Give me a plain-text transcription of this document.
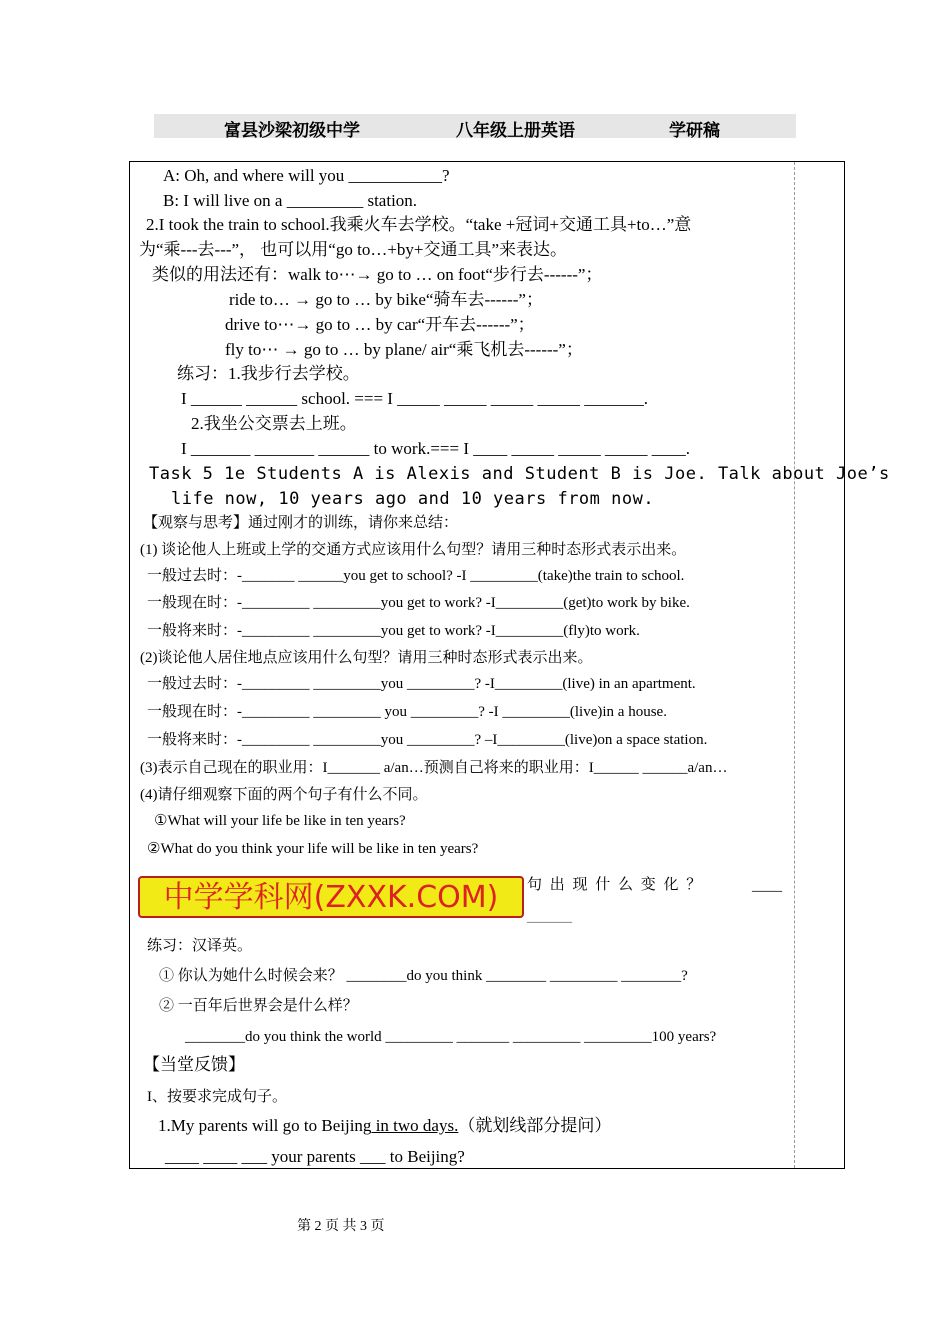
富县沙梁初级中学	八年级上册英语	学研稿
A: Oh, and where will you ___________?
B: I will live on a _________ station.
2.I took the train to school.我乘火车去学校。“take +冠词+交通工具+to…”意
为“乘---去---”， 也可以用“go to…+by+交通工具”来表达。
类似的用法还有：walk to⋯→ go to … on foot“步行去------”；
ride to… → go to … by bike“骑车去------”；
drive to⋯→ go to … by car“开车去------”；
fly to⋯ → go to … by plane/ air“乘飞机去------”；
练习：1.我步行去学校。
I ______ ______ school. === I _____ _____ _____ _____ _______.
2.我坐公交票去上班。
I _______ _______ ______ to work.=== I ____ _____ _____ _____ ____.
Task 5 1e Students A is Alexis and Student B is Joe. Talk about Joe’s
life now, 10 years ago and 10 years from now.
【观察与思考】通过刚才的训练，请你来总结：
(1) 谈论他人上班或上学的交通方式应该用什么句型？请用三种时态形式表示出来。
一般过去时：-_______ ______you get to school? -I _________(take)the train to school.
一般现在时：-_________ _________you get to work? -I_________(get)to work by bike.
一般将来时：-_________ _________you get to work? -I_________(fly)to work.
(2)谈论他人居住地点应该用什么句型？请用三种时态形式表示出来。
一般过去时：-_________ _________you _________? -I_________(live) in an apartment.
一般现在时：-_________ _________ you _________? -I _________(live)in a house.
一般将来时：-_________ _________you _________? –I_________(live)on a space station.
(3)表示自己现在的职业用：I_______ a/an…预测自己将来的职业用：I______ ______a/an…
(4)请仔细观察下面的两个句子有什么不同。
①What will your life be like in ten years?
②What do you think your life will be like in ten years?
句 出 现 什 么 变 化 ？	____
______
中学学科网(ZXXK.COM)
练习：汉译英。
① 你认为她什么时候会来？ ________do you think ________ _________ ________?
② 一百年后世界会是什么样？
________do you think the world _________ _______ _________ _________100 years?
【当堂反馈】
I、按要求完成句子。
1.My parents will go to Beijing in two days.（就划线部分提问）
____ ____ ___ your parents ___ to Beijing?
第 2 页 共 3 页
